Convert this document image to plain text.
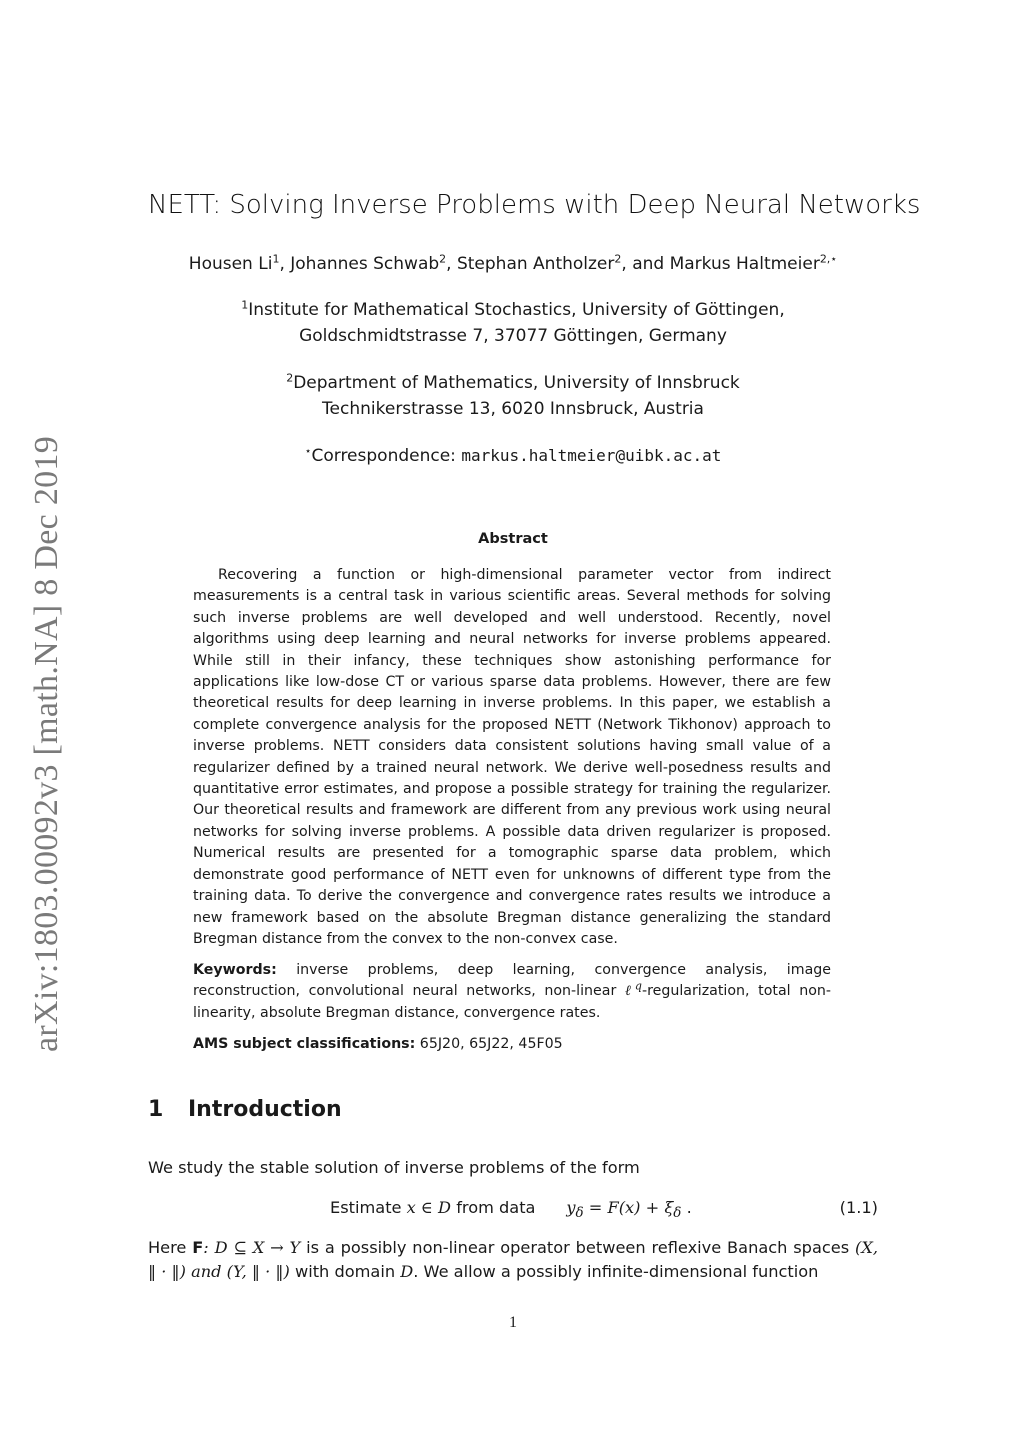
arXiv:1803.00092v3 [math.NA] 8 Dec 2019
NETT: Solving Inverse Problems with Deep Neural Networks
Housen Li$^1$, Johannes Schwab$^2$, Stephan Antholzer$^2$, and Markus Haltmeier$^{2,⋆}$
$^1$Institute for Mathematical Stochastics, University of Göttingen,
Goldschmidtstrasse 7, 37077 Göttingen, Germany
$^2$Department of Mathematics, University of Innsbruck
Technikerstrasse 13, 6020 Innsbruck, Austria
⋆Correspondence: markus.haltmeier@uibk.ac.at
Abstract

Recovering a function or high-dimensional parameter vector from indirect measurements is a central task in various scientific areas. Several methods for solving such inverse problems are well developed and well understood. Recently, novel algorithms using deep learning and neural networks for inverse problems appeared. While still in their infancy, these techniques show astonishing performance for applications like low-dose CT or various sparse data problems. However, there are few theoretical results for deep learning in inverse problems. In this paper, we establish a complete convergence analysis for the proposed NETT (Network Tikhonov) approach to inverse problems. NETT considers data consistent solutions having small value of a regularizer defined by a trained neural network. We derive well-posedness results and quantitative error estimates, and propose a possible strategy for training the regularizer. Our theoretical results and framework are different from any previous work using neural networks for solving inverse problems. A possible data driven regularizer is proposed. Numerical results are presented for a tomographic sparse data problem, which demonstrate good performance of NETT even for unknowns of different type from the training data. To derive the convergence and convergence rates results we introduce a new framework based on the absolute Bregman distance generalizing the standard Bregman distance from the convex to the non-convex case.

Keywords: inverse problems, deep learning, convergence analysis, image reconstruction, convolutional neural networks, non-linear ℓ$^q$-regularization, total non-linearity, absolute Bregman distance, convergence rates.

AMS subject classifications: 65J20, 65J22, 45F05

1 Introduction

We study the stable solution of inverse problems of the form

Estimate x ∈ D from data $y_\delta = F(x) + \xi_\delta$ .	(1.1)

Here F: D ⊆ X → Y is a possibly non-linear operator between reflexive Banach spaces (X, ‖ · ‖) and (Y, ‖ · ‖) with domain D. We allow a possibly infinite-dimensional function

1
